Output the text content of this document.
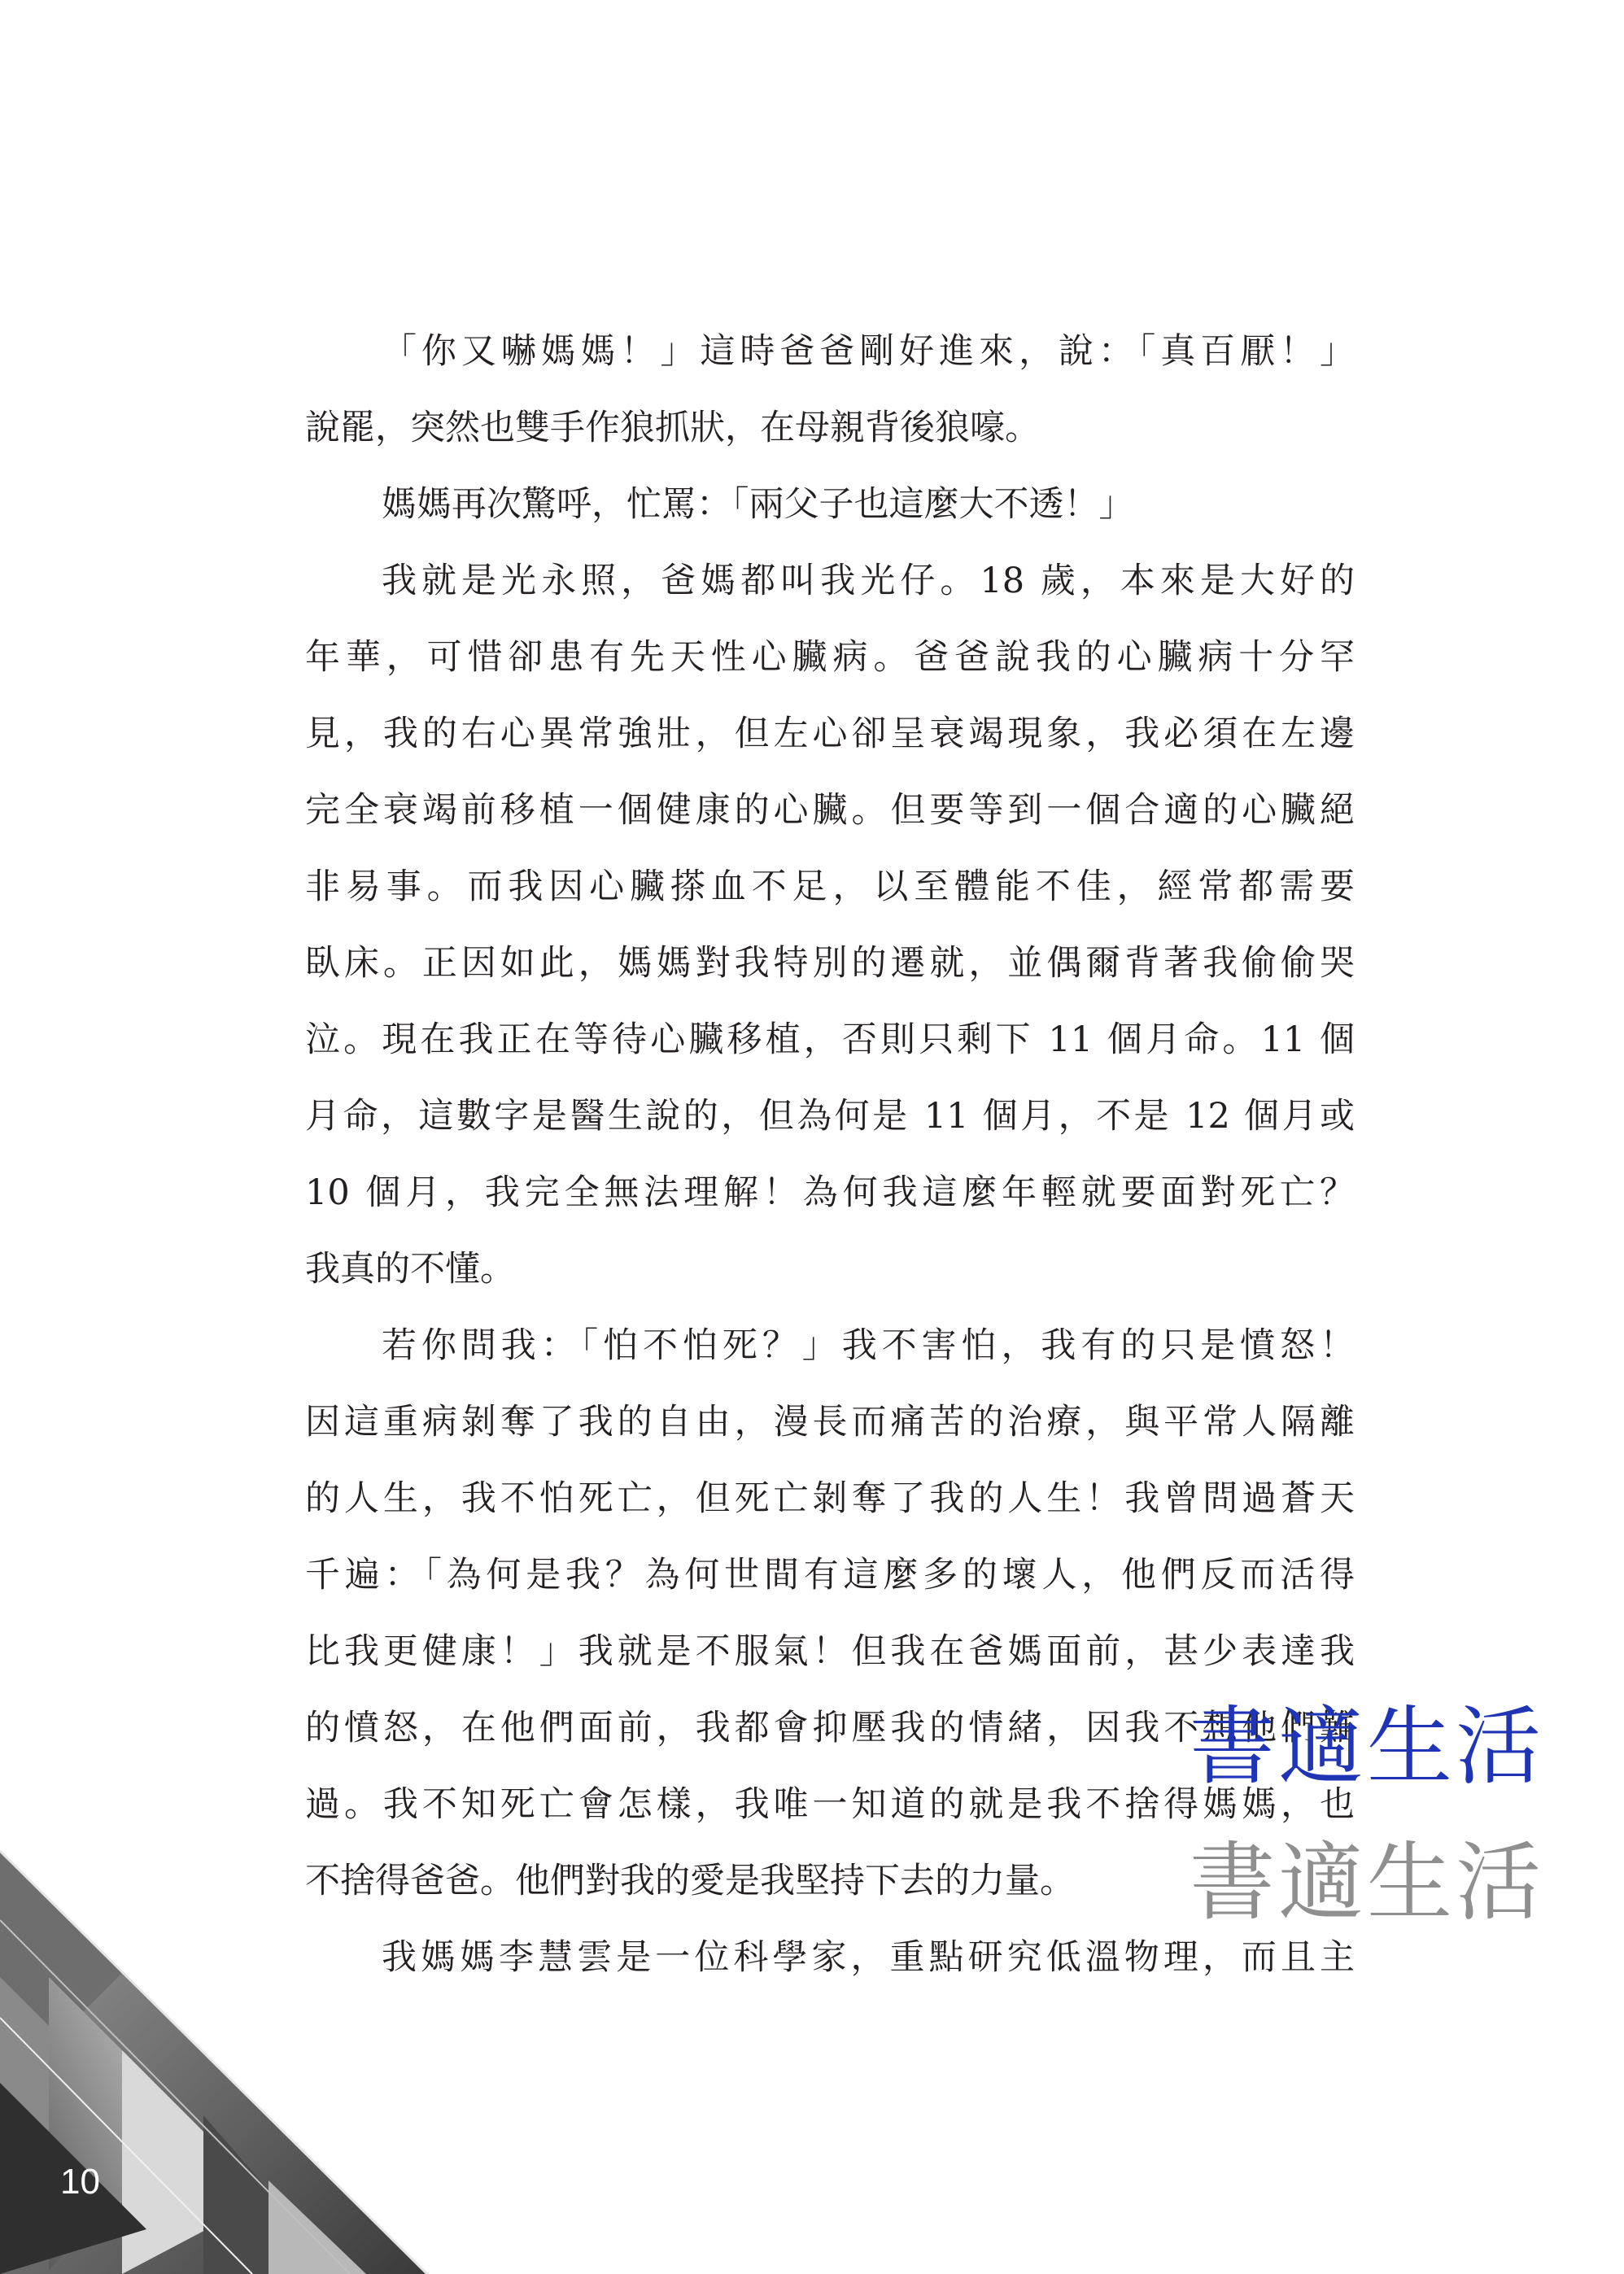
「你又嚇媽媽！」這時爸爸剛好進來，說：「真百厭！」
說罷，突然也雙手作狼抓狀，在母親背後狼嚎。
媽媽再次驚呼，忙罵：「兩父子也這麼大不透！」
我就是光永照，爸媽都叫我光仔。18 歲，本來是大好的
年華，可惜卻患有先天性心臟病。爸爸說我的心臟病十分罕
見，我的右心異常強壯，但左心卻呈衰竭現象，我必須在左邊
完全衰竭前移植一個健康的心臟。但要等到一個合適的心臟絕
非易事。而我因心臟搽血不足，以至體能不佳，經常都需要
臥床。正因如此，媽媽對我特別的遷就，並偶爾背著我偷偷哭
泣。現在我正在等待心臟移植，否則只剩下 11 個月命。11 個
月命，這數字是醫生說的，但為何是 11 個月，不是 12 個月或
10 個月，我完全無法理解！為何我這麼年輕就要面對死亡？
我真的不懂。
若你問我：「怕不怕死？」我不害怕，我有的只是憤怒！
因這重病剝奪了我的自由，漫長而痛苦的治療，與平常人隔離
的人生，我不怕死亡，但死亡剝奪了我的人生！我曾問過蒼天
千遍：「為何是我？為何世間有這麼多的壞人，他們反而活得
比我更健康！」我就是不服氣！但我在爸媽面前，甚少表達我
的憤怒，在他們面前，我都會抑壓我的情緒，因我不想他們難
過。我不知死亡會怎樣，我唯一知道的就是我不捨得媽媽，也
不捨得爸爸。他們對我的愛是我堅持下去的力量。
我媽媽李慧雲是一位科學家，重點研究低溫物理，而且主
書適生活
書適生活
10
